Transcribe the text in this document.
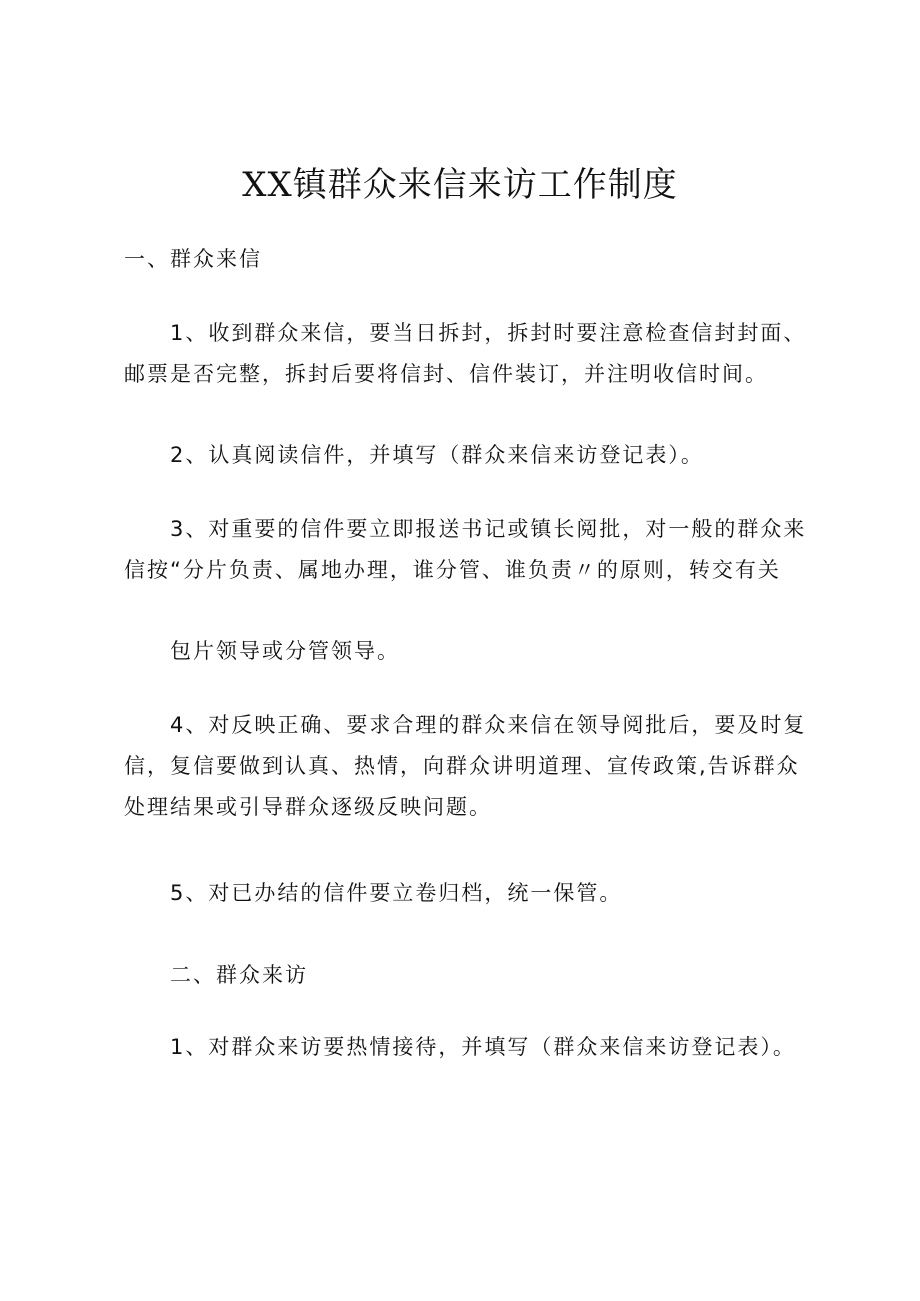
XX镇群众来信来访工作制度

一、群众来信

1、收到群众来信，要当日拆封，拆封时要注意检查信封封面、邮票是否完整，拆封后要将信封、信件装订，并注明收信时间。

2、认真阅读信件，并填写（群众来信来访登记表）。

3、对重要的信件要立即报送书记或镇长阅批，对一般的群众来信按“分片负责、属地办理，谁分管、谁负责〃的原则，转交有关

包片领导或分管领导。

4、对反映正确、要求合理的群众来信在领导阅批后，要及时复信，复信要做到认真、热情，向群众讲明道理、宣传政策,告诉群众处理结果或引导群众逐级反映问题。

5、对已办结的信件要立卷归档，统一保管。

二、群众来访

1、对群众来访要热情接待，并填写（群众来信来访登记表）。
